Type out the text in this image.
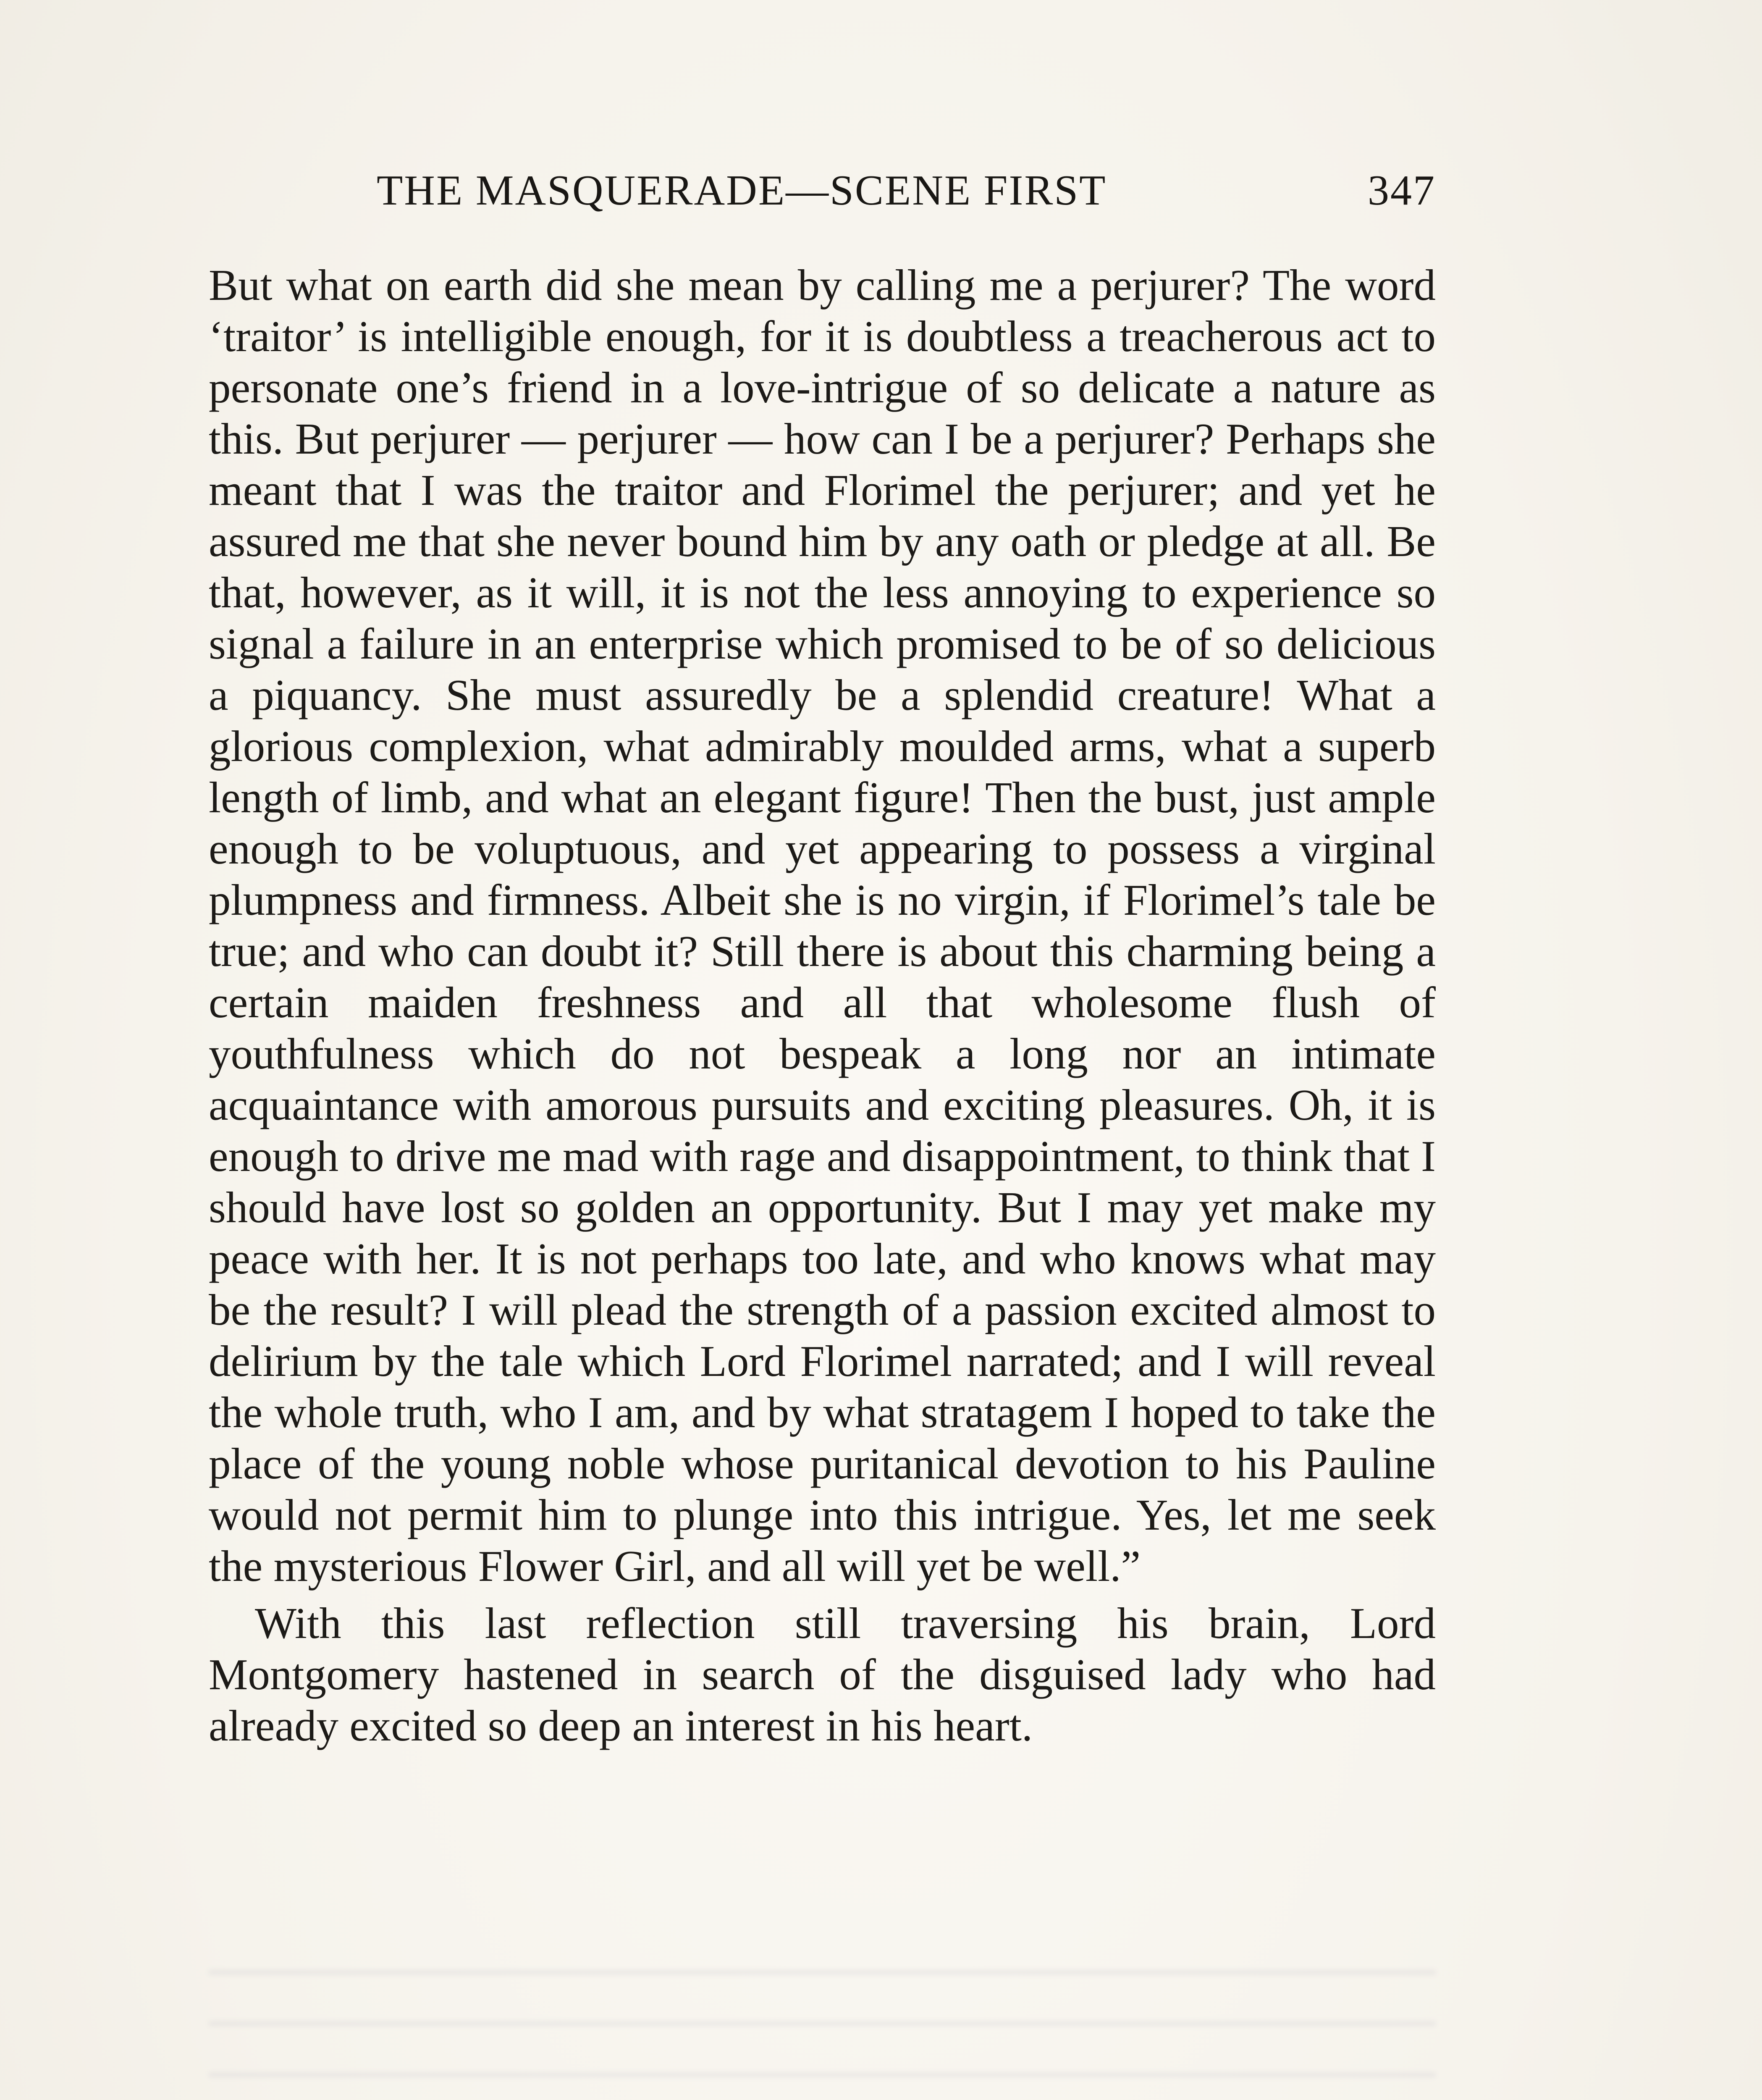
THE MASQUERADE—SCENE FIRST	347

But what on earth did she mean by calling me a perjurer? The word ‘traitor’ is intelligible enough, for it is doubtless a treacherous act to personate one’s friend in a love-intrigue of so delicate a nature as this. But perjurer — perjurer — how can I be a perjurer? Perhaps she meant that I was the traitor and Florimel the perjurer; and yet he assured me that she never bound him by any oath or pledge at all. Be that, however, as it will, it is not the less annoying to experience so signal a failure in an enterprise which promised to be of so delicious a piquancy. She must assuredly be a splendid creature! What a glorious complexion, what admirably moulded arms, what a superb length of limb, and what an elegant figure! Then the bust, just ample enough to be voluptuous, and yet appearing to possess a virginal plumpness and firmness. Albeit she is no virgin, if Florimel’s tale be true; and who can doubt it? Still there is about this charming being a certain maiden freshness and all that wholesome flush of youthfulness which do not bespeak a long nor an intimate acquaintance with amorous pursuits and exciting pleasures. Oh, it is enough to drive me mad with rage and disappointment, to think that I should have lost so golden an opportunity. But I may yet make my peace with her. It is not perhaps too late, and who knows what may be the result? I will plead the strength of a passion excited almost to delirium by the tale which Lord Florimel narrated; and I will reveal the whole truth, who I am, and by what stratagem I hoped to take the place of the young noble whose puritanical devotion to his Pauline would not permit him to plunge into this intrigue. Yes, let me seek the mysterious Flower Girl, and all will yet be well.”

With this last reflection still traversing his brain, Lord Montgomery hastened in search of the disguised lady who had already excited so deep an interest in his heart.
